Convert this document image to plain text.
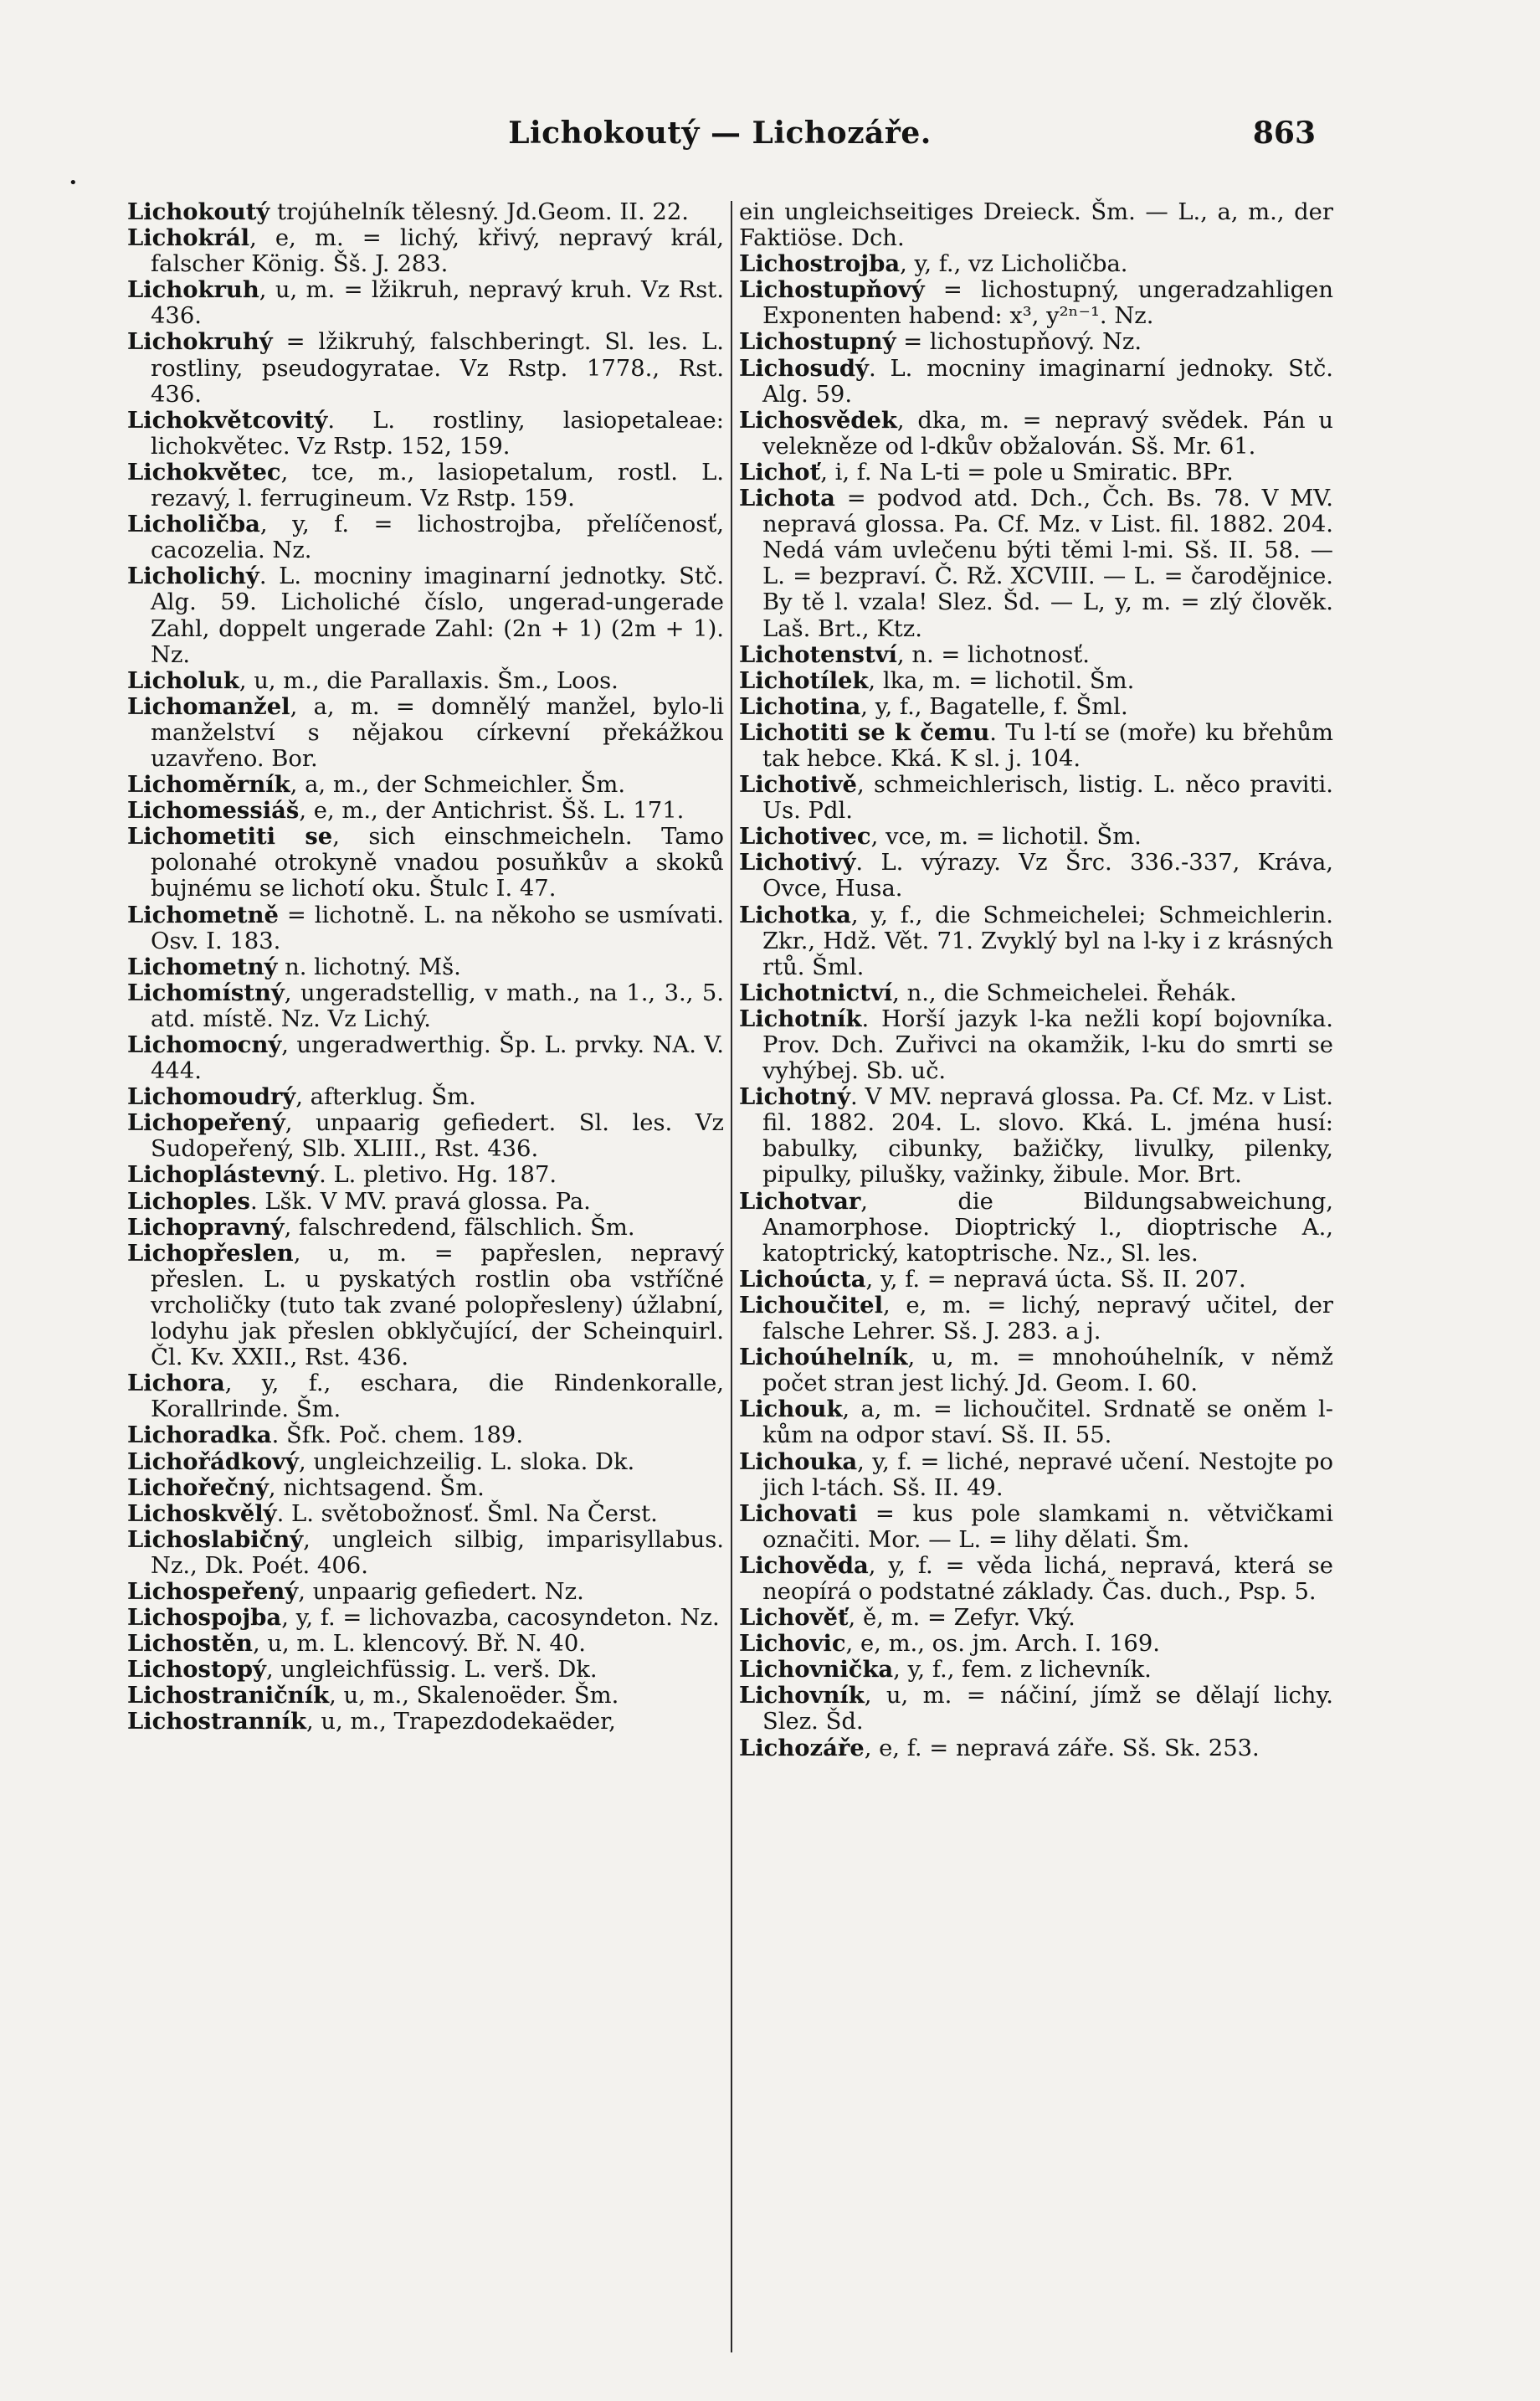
Lichokoutý — Lichozáře.	863
•

Lichokoutý trojúhelník tělesný. Jd.Geom. II. 22.

Lichokrál, e, m. = lichý, křivý, nepravý král, falscher König. Šš. J. 283.

Lichokruh, u, m. = lžikruh, nepravý kruh. Vz Rst. 436.

Lichokruhý = lžikruhý, falschberingt. Sl. les. L. rostliny, pseudogyratae. Vz Rstp. 1778., Rst. 436.

Lichokvětcovitý. L. rostliny, lasiopetaleae: lichokvětec. Vz Rstp. 152, 159.

Lichokvětec, tce, m., lasiopetalum, rostl. L. rezavý, l. ferrugineum. Vz Rstp. 159.

Licholičba, y, f. = lichostrojba, přelíčenosť, cacozelia. Nz.

Licholichý. L. mocniny imaginarní jednotky. Stč. Alg. 59. Licholiché číslo, ungerad-ungerade Zahl, doppelt ungerade Zahl: (2n + 1) (2m + 1). Nz.

Licholuk, u, m., die Parallaxis. Šm., Loos.

Lichomanžel, a, m. = domnělý manžel, bylo-li manželství s nějakou církevní překážkou uzavřeno. Bor.

Lichoměrník, a, m., der Schmeichler. Šm.

Lichomessiáš, e, m., der Antichrist. Šš. L. 171.

Lichometiti se, sich einschmeicheln. Tamo polonahé otrokyně vnadou posuňkův a skoků bujnému se lichotí oku. Štulc I. 47.

Lichometně = lichotně. L. na někoho se usmívati. Osv. I. 183.

Lichometný n. lichotný. Mš.

Lichomístný, ungeradstellig, v math., na 1., 3., 5. atd. místě. Nz. Vz Lichý.

Lichomocný, ungeradwerthig. Šp. L. prvky. NA. V. 444.

Lichomoudrý, afterklug. Šm.

Lichopeřený, unpaarig gefiedert. Sl. les. Vz Sudopeřený, Slb. XLIII., Rst. 436.

Lichoplástevný. L. pletivo. Hg. 187.

Lichoples. Lšk. V MV. pravá glossa. Pa.

Lichopravný, falschredend, fälschlich. Šm.

Lichopřeslen, u, m. = papřeslen, nepravý přeslen. L. u pyskatých rostlin oba vstříčné vrcholičky (tuto tak zvané polopřesleny) úžlabní, lodyhu jak přeslen obklyčující, der Scheinquirl. Čl. Kv. XXII., Rst. 436.

Lichora, y, f., eschara, die Rindenkoralle, Korallrinde. Šm.

Lichoradka. Šfk. Poč. chem. 189.

Lichořádkový, ungleichzeilig. L. sloka. Dk.

Lichořečný, nichtsagend. Šm.

Lichoskvělý. L. světobožnosť. Šml. Na Čerst.

Lichoslabičný, ungleich silbig, imparisyllabus. Nz., Dk. Poét. 406.

Lichospeřený, unpaarig gefiedert. Nz.

Lichospojba, y, f. = lichovazba, cacosyndeton. Nz.

Lichostěn, u, m. L. klencový. Bř. N. 40.

Lichostopý, ungleichfüssig. L. verš. Dk.

Lichostraničník, u, m., Skalenoëder. Šm.

Lichostranník, u, m., Trapezdodekaëder,

ein ungleichseitiges Dreieck. Šm. — L., a, m., der Faktiöse. Dch.

Lichostrojba, y, f., vz Licholičba.

Lichostupňový = lichostupný, ungeradzahligen Exponenten habend: x³, y²ⁿ⁻¹. Nz.

Lichostupný = lichostupňový. Nz.

Lichosudý. L. mocniny imaginarní jednoky. Stč. Alg. 59.

Lichosvědek, dka, m. = nepravý svědek. Pán u velekněze od l-dkův obžalován. Sš. Mr. 61.

Lichoť, i, f. Na L-ti = pole u Smiratic. BPr.

Lichota = podvod atd. Dch., Čch. Bs. 78. V MV. nepravá glossa. Pa. Cf. Mz. v List. fil. 1882. 204. Nedá vám uvlečenu býti těmi l-mi. Sš. II. 58. — L. = bezpraví. Č. Rž. XCVIII. — L. = čarodějnice. By tě l. vzala! Slez. Šd. — L, y, m. = zlý člověk. Laš. Brt., Ktz.

Lichotenství, n. = lichotnosť.

Lichotílek, lka, m. = lichotil. Šm.

Lichotina, y, f., Bagatelle, f. Šml.

Lichotiti se k čemu. Tu l-tí se (moře) ku břehům tak hebce. Kká. K sl. j. 104.

Lichotivě, schmeichlerisch, listig. L. něco praviti. Us. Pdl.

Lichotivec, vce, m. = lichotil. Šm.

Lichotivý. L. výrazy. Vz Šrc. 336.-337, Kráva, Ovce, Husa.

Lichotka, y, f., die Schmeichelei; Schmeichlerin. Zkr., Hdž. Vět. 71. Zvyklý byl na l-ky i z krásných rtů. Šml.

Lichotnictví, n., die Schmeichelei. Řehák.

Lichotník. Horší jazyk l-ka nežli kopí bojovníka. Prov. Dch. Zuřivci na okamžik, l-ku do smrti se vyhýbej. Sb. uč.

Lichotný. V MV. nepravá glossa. Pa. Cf. Mz. v List. fil. 1882. 204. L. slovo. Kká. L. jména husí: babulky, cibunky, bažičky, livulky, pilenky, pipulky, pilušky, važinky, žibule. Mor. Brt.

Lichotvar, die Bildungsabweichung, Anamorphose. Dioptrický l., dioptrische A., katoptrický, katoptrische. Nz., Sl. les.

Lichoúcta, y, f. = nepravá úcta. Sš. II. 207.

Lichoučitel, e, m. = lichý, nepravý učitel, der falsche Lehrer. Sš. J. 283. a j.

Lichoúhelník, u, m. = mnohoúhelník, v němž počet stran jest lichý. Jd. Geom. I. 60.

Lichouk, a, m. = lichoučitel. Srdnatě se oněm l-kům na odpor staví. Sš. II. 55.

Lichouka, y, f. = liché, nepravé učení. Nestojte po jich l-tách. Sš. II. 49.

Lichovati = kus pole slamkami n. větvičkami označiti. Mor. — L. = lihy dělati. Šm.

Lichověda, y, f. = věda lichá, nepravá, která se neopírá o podstatné základy. Čas. duch., Psp. 5.

Lichověť, ě, m. = Zefyr. Vký.

Lichovic, e, m., os. jm. Arch. I. 169.

Lichovnička, y, f., fem. z lichevník.

Lichovník, u, m. = náčiní, jímž se dělají lichy. Slez. Šd.

Lichozáře, e, f. = nepravá záře. Sš. Sk. 253.
